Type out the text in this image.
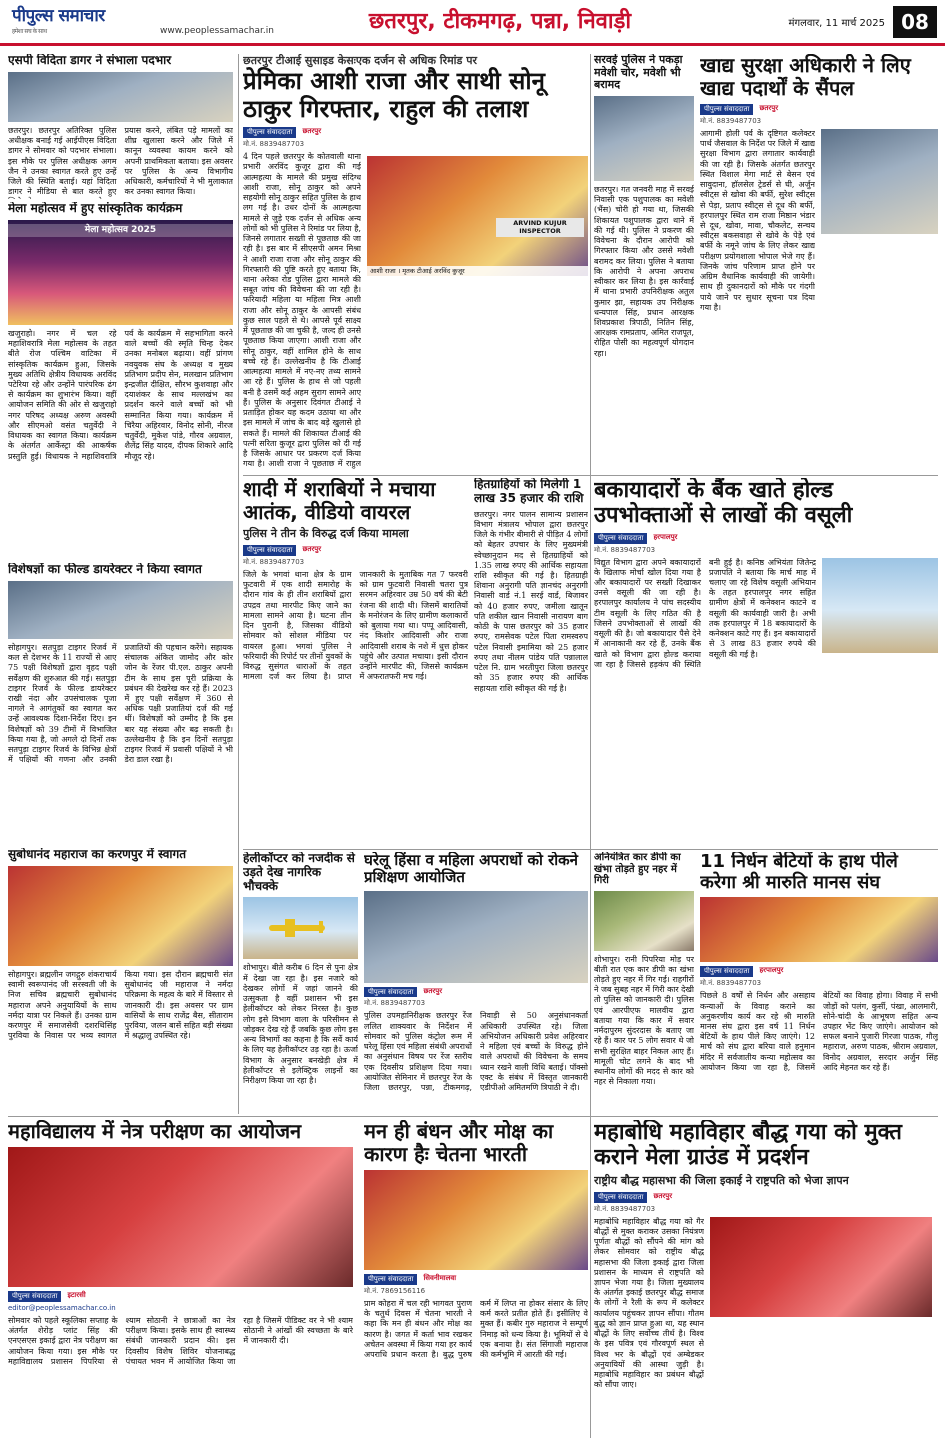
पीपुल्स समाचार
हमेशा सच के साथ	www.peoplessamachar.in	छतरपुर, टीकमगढ़, पन्ना, निवाड़ी	मंगलवार, 11 मार्च 2025 08
एसपी विदिता डागर ने संभाला पदभार
छतरपुर। छतरपुर अतिरिक्त पुलिस अधीक्षक बनाई गई आईपीएस विदिता डागर ने सोमवार को पदभार संभाला। इस मौके पर पुलिस अधीक्षक अगम जैन ने उनका स्वागत करते हुए उन्हें जिले की स्थिति बताई। यहां विदिता डागर ने मीडिया से बात करते हुए प्रयास करने, लंबित पड़े मामलों का शीघ्र खुलासा करने और जिले में कानून व्यवस्था कायम करने को अपनी प्राथमिकता बताया। इस अवसर पर पुलिस के अन्य विभागीय अधिकारी, कर्मचारियों ने भी मुलाकात कर उनका स्वागत किया।
मेला महोत्सव में हुए सांस्कृतिक कार्यक्रम
मेला महोत्सव 2025
खजुराहो। नगर में चल रहे महाशिवरात्रि मेला महोत्सव के तहत बीते रोज पश्चिम वाटिका में सांस्कृतिक कार्यक्रम हुआ, जिसके मुख्य अतिथि क्षेत्रीय विधायक अरविंद पटेरिया रहे और उन्होंने पारंपरिक ढंग से कार्यक्रम का शुभारंभ किया। वहीं आयोजन समिति की ओर से खजुराहो नगर परिषद अध्यक्ष अरुण अवस्थी और सीएमओ वसंत चतुर्वेदी ने विधायक का स्वागत किया। कार्यक्रम के अंतर्गत आर्केस्ट्रा की आकर्षक प्रस्तुति हुई। विधायक ने महाशिवरात्रि पर्व के कार्यक्रम में सहभागिता करने वाले बच्चों की स्मृति चिन्ह देकर उनका मनोबल बढ़ाया। वहीं प्रांगण नवयुवक संघ के अध्यक्ष व मुख्य प्रतिभाग प्रदीप सेन, मलखान प्रतिभाग इन्द्रजीत दीक्षित, सौरभ कुशवाहा और दयाशंकर के साथ मल्लखंभ का प्रदर्शन करने वाले बच्चों को भी सम्मानित किया गया। कार्यक्रम में चिरैया अहिरवार, विनोद सोनी, नीरज चतुर्वेदी, मुकेश पांडे, गौरव अग्रवाल, शैलेंद्र सिंह यादव, दीपक शिकारे आदि मौजूद रहे।
विशेषज्ञों का फील्ड डायरेक्टर ने किया स्वागत
सोहागपुर। सतपुड़ा टाइगर रिजर्व में कल से देशभर के 11 राज्यों से आए 75 पक्षी विशेषज्ञों द्वारा वृहद पक्षी सर्वेक्षण की शुरुआत की गई। सतपुड़ा टाइगर रिजर्व के फील्ड डायरेक्टर राखी नंदा और उपसंचालक पूजा नागले ने आगंतुकों का स्वागत कर उन्हें आवश्यक दिशा-निर्देश दिए। इन विशेषज्ञों को 39 टीमों में विभाजित किया गया है, जो अगले दो दिनों तक सतपुड़ा टाइगर रिजर्व के विभिन्न क्षेत्रों में पक्षियों की गणना और उनकी प्रजातियों की पहचान करेंगे। सहायक संचालक अंकित जामोद और कोर जोन के रेंजर पी.एल. ठाकुर अपनी टीम के साथ इस पूरी प्रक्रिया के प्रबंधन की देखरेख कर रहे हैं। 2023 में हुए पक्षी सर्वेक्षण में 360 से अधिक पक्षी प्रजातियां दर्ज की गई थीं। विशेषज्ञों को उम्मीद है कि इस बार यह संख्या और बढ़ सकती है। उल्लेखनीय है कि इन दिनों सतपुड़ा टाइगर रिजर्व में प्रवासी पक्षियों ने भी डेरा डाल रखा है।
सुबोधानंद महाराज का करणपुर में स्वागत
सोहागपुर। ब्रह्मलीन जगद्गुरु शंकराचार्य स्वामी स्वरूपानंद जी सरस्वती जी के निज सचिव ब्रह्मचारी सुबोधानंद महाराज अपने अनुयायियों के साथ नर्मदा यात्रा पर निकले हैं। उनका ग्राम करणपुर में समाजसेवी दशरथिसिंह पुरविया के निवास पर भव्य स्वागत किया गया। इस दौरान ब्रह्मचारी संत सुबोधानंद जी महाराज ने नर्मदा परिक्रमा के महत्व के बारे में विस्तार से जानकारी दी। इस अवसर पर ग्राम वासियों के साथ राजेंद्र बैस, सीताराम पुरविया, जलन बासें सहित बड़ी संख्या में श्रद्धालु उपस्थित रहे।
महाविद्यालय में नेत्र परीक्षण का आयोजन
पीपुल्स संवाददाता	इटारसी
editor@peoplessamachar.co.in
सोमवार को पहले स्कूलिका सप्ताह के अंतर्गत शेरोड़ प्लांट सिंह की एनएसएस इकाई द्वारा नेत्र परीक्षण का आयोजन किया गया। इस मौके पर महाविद्यालय प्रशासन पिपरिया से श्याम सोठानी ने छात्राओं का नेत्र परीक्षण किया। इसके साथ ही स्वास्थ्य संबंधी जानकारी प्रदान की। इस दिवसीय विशेष शिविर योजनाबद्ध पंचायत भवन में आयोजित किया जा रहा है जिसमें पीडिक्ट वर ने भी श्याम सोठानी ने आंखों की स्वच्छता के बारे में जानकारी दी।
छतरपुर टीआई सुसाइड केसःएक दर्जन से अधिक रिमांड पर
प्रेमिका आशी राजा और साथी सोनू ठाकुर गिरफ्तार, राहुल की तलाश
पीपुल्स संवाददाता	छतरपुर
मो.नं. 8839487703
4 दिन पहले छतरपुर के कोतवाली थाना प्रभारी अरविंद कुजूर द्वारा की गई आत्महत्या के मामले की प्रमुख संदिग्ध आशी राजा, सोनू ठाकुर को अपने सहयोगी सोनू ठाकुर सहित पुलिस के हाथ लग गई है। उधर दोनों के आत्महत्या मामले से जुड़े एक दर्जन से अधिक अन्य लोगों को भी पुलिस ने रिमांड पर लिया है, जिनसे लगातार सख्ती से पूछताछ की जा रही है। इस बार में सीएसपी अमन मिश्रा ने आशी राजा राजा और सोनू ठाकुर की गिरफ्तारी की पुष्टि करते हुए बताया कि, थाना अरेका रोड पुलिस द्वारा मामले की सबूत जांच की विवेचना की जा रही है। फरियादी महिला या महिला मित्र आशी राजा और सोनू ठाकुर के आपसी संबंध कुछ साल पहले से थे। आपसे पूर्व साक्ष्य में पूछताछ की जा चुकी है, जल्द ही उनसे पूछताछ किया जाएगा। आशी राजा और सोनू ठाकुर, वहीं शामिल होने के साथ बच्चे रहे हैं। उल्लेखनीय है कि टीआई आत्महत्या मामले में नए-नए तथ्य सामने आ रहे हैं। पुलिस के हाथ से जो पहली बनी है उसमें कई अहम सुराग सामने आए हैं। पुलिस के अनुसार दिवंगत टीआई ने प्रताड़ित होकर यह कदम उठाया था और इस मामले में जांच के बाद बड़े खुलासे हो सकते हैं। मामले की शिकायत टीआई की पत्नी सरिता कुजूर द्वारा पुलिस को दी गई है जिसके आधार पर प्रकरण दर्ज किया गया है। आशी राजा ने पूछताछ में राहुल
ARVIND KUJUR INSPECTOR
आशी राजा । मृतक टीआई अरविंद कुजूर
सरवई पुलिस ने पकड़ा मवेशी चोर, मवेशी भी बरामद
छतरपुर। गत जनवरी माह में सरवई निवासी एक पशुपालक का मवेशी (भैंस) चोरी हो गया था, जिसकी शिकायत पशुपालक द्वारा थाने में की गई थी। पुलिस ने प्रकरण की विवेचना के दौरान आरोपी को गिरफ्तार किया और उससे मवेशी बरामद कर लिया। पुलिस ने बताया कि आरोपी ने अपना अपराध स्वीकार कर लिया है। इस कार्रवाई में थाना प्रभारी उपनिरीक्षक अतुल कुमार झा, सहायक उप निरीक्षक धन्यपाल सिंह, प्रधान आरक्षक शिवप्रकाश त्रिपाठी, नितिन सिंह, आरक्षक रामप्रताप, अमित राजपूत, रोहित पोसी का महत्वपूर्ण योगदान रहा।
खाद्य सुरक्षा अधिकारी ने लिए खाद्य पदार्थों के सैंपल
पीपुल्स संवाददाता	छतरपुर
मो.नं. 8839487703
आगामी होली पर्व के दृष्टिगत कलेक्टर पार्थ जैसवाल के निर्देश पर जिले में खाद्य सुरक्षा विभाग द्वारा लगातार कार्यवाही की जा रही है। जिसके अंतर्गत छतरपुर स्थित विशाल मेगा मार्ट से बेसन एवं सावुदाना, हॉलसेल ट्रेडर्स से घी, अर्जुन स्वीट्स से खोवा की बर्फी, सुरेश स्वीट्स से पेड़ा, प्रताप स्वीट्स से दूध की बर्फी, हरपालपुर स्थित राम राजा मिष्ठान भंडार से दूध, खोवा, मावा, चौकलेट, सन्चय स्वीट्स बकसवाहा से खोवे के पेड़े एवं बर्फी के नमूने जांच के लिए लेकर खाद्य परीक्षण प्रयोगशाला भोपाल भेजे गए हैं। जिनके जांच परिणाम प्राप्त होने पर अग्रिम वैधानिक कार्यवाही की जायेगी। साथ ही दुकानदारों को मौके पर गंदगी पाये जाने पर सुधार सूचना पत्र दिया गया है।
शादी में शराबियों ने मचाया आतंक, वीडियो वायरल
पुलिस ने तीन के विरुद्ध दर्ज किया मामला
पीपुल्स संवाददाता	छतरपुर
मो.नं. 8839487703
जिले के भगवां थाना क्षेत्र के ग्राम फुटवारी में एक शादी समारोह के दौरान गांव के ही तीन शराबियों द्वारा उपद्रव तथा मारपीट किए जाने का मामला सामने आया है। घटना तीन दिन पुरानी है, जिसका वीडियो सोमवार को सोशल मीडिया पर वायरल हुआ। भगवां पुलिस ने फरियादी की रिपोर्ट पर तीनों युवकों के विरुद्ध सुसंगत धाराओं के तहत मामला दर्ज कर लिया है। प्राप्त जानकारी के मुताबिक गत 7 फरवरी को ग्राम फुटवारी निवासी चतरा पुत्र सरमन अहिरवार उम्र 50 वर्ष की बेटी रंजना की शादी थी। जिसमें बारातियों के मनोरंजन के लिए ग्रामीण कलाकारों को बुलाया गया था। पप्पू आदिवासी, नंद किशोर आदिवासी और राजा आदिवासी शराब के नशे में धुत्त होकर पहुंचे और उत्पात मचाया। इसी दौरान उन्होंने मारपीट की, जिससे कार्यक्रम में अफरातफरी मच गई।
हितग्राहियों को मिलेगी 1 लाख 35 हजार की राशि
छतरपुर। नगर पालन सामान्य प्रशासन विभाग मंत्रालय भोपाल द्वारा छतरपुर जिले के गंभीर बीमारी से पीड़ित 4 लोगों को बेहतर उपचार के लिए मुख्यमंत्री स्वेच्छानुदान मद से हितग्राहियों को 1.35 लाख रुपए की आर्थिक सहायता राशि स्वीकृत की गई है। हितग्राही शिवाना अनुरागी पति ज्ञानचंद अनुरागी निवासी वार्ड नं.1 सरई वार्ड, बिजावर को 40 हजार रुपए, जमीला खातून पति शकील खान निवासी नारायण बाग कोठी के पास छतरपुर को 35 हजार रुपए, रामसेवक पटेल पिता रामस्वरुप पटेल निवासी इमामिया को 25 हजार रुपए तथा नीलम पांडेय पति पन्नालाल पटेल नि. ग्राम भरतीपुरा जिला छतरपुर को 35 हजार रुपए की आर्थिक सहायता राशि स्वीकृत की गई है।
बकायादारों के बैंक खाते होल्ड उपभोक्ताओं से लाखों की वसूली
पीपुल्स संवाददाता	हरपालपुर
मो.नं. 8839487703
विद्युत विभाग द्वारा अपने बकायादारों के खिलाफ मोर्चा खोल दिया गया है और बकायादारों पर सख्ती दिखाकर उनसे वसूली की जा रही है। हरपालपुर कार्यालय ने पांच सदस्यीय टीम वसूली के लिए गठित की है जिसने उपभोक्ताओं से लाखों की वसूली की है। जो बकायादार पैसे देने में आनाकानी कर रहे हैं, उनके बैंक खाते को विभाग द्वारा होल्ड कराया जा रहा है जिससे हड़कंप की स्थिति बनी हुई है। कनिष्ठ अभियंता जितेन्द्र प्रजापति ने बताया कि मार्च माह में चलाए जा रहे विशेष वसूली अभियान के तहत हरपालपुर नगर सहित ग्रामीण क्षेत्रों में कनेक्शन काटने व वसूली की कार्यवाही जारी है। अभी तक हरपालपुर में 18 बकायादारों के कनेक्शन काटे गए हैं। इन बकायादारों से 3 लाख 83 हजार रुपये की वसूली की गई है।
हेलीकॉप्टर को नजदीक से उड़ते देख नागरिक भौचक्के
शोभापुर। बीते करीब 6 दिन से पुनः क्षेत्र में देखा जा रहा है। इस नजारे को देखकर लोगों में जहां जानने की उत्सुकता है वहीं प्रशासन भी इस हेलीकॉप्टर को लेकर निरस्त है। कुछ लोग इसे विभाग वाला के परिसीमन से जोड़कर देख रहे हैं जबकि कुछ लोग इस अन्य विभागों का कहना है कि सर्वे कार्य के लिए यह हेलीकॉप्टर उड़ रहा है। ऊर्जा विभाग के अनुसार बनखेड़ी क्षेत्र में हेलीकॉप्टर से इलेक्ट्रिक लाइनों का निरीक्षण किया जा रहा है।
घरेलू हिंसा व महिला अपराधों को रोकने प्रशिक्षण आयोजित
पीपुल्स संवाददाता	छतरपुर
मो.नं. 8839487703
पुलिस उपमहानिरीक्षक छतरपुर रेंज ललित शाक्यवार के निर्देशन में सोमवार को पुलिस कंट्रोल रूम में घरेलू हिंसा एवं महिला संबंधी अपराधों का अनुसंधान विषय पर रेंज स्तरीय एक दिवसीय प्रशिक्षण दिया गया। आयोजित सेमिनार में छतरपुर रेंज के जिला छतरपुर, पन्ना, टीकमगढ़, निवाड़ी से 50 अनुसंधानकर्ता अधिकारी उपस्थित रहे। जिला अभियोजन अधिकारी प्रवेश अहिरवार ने महिला एवं बच्चों के विरुद्ध होने वाले अपराधों की विवेचना के समय ध्यान रखने वाली विधि बताई। पॉक्सो एक्ट के संबंध में विस्तृत जानकारी एडीपीओ अमितमणि त्रिपाठी ने दी।
अनियंत्रित कार डीपी का खंभा तोड़ते हुए नहर में गिरी
शोभापुर। रानी पिपरिया मोड़ पर बीती रात एक कार डीपी का खंभा तोड़ते हुए नहर में गिर गई। राहगीरों ने जब सुबह नहर में गिरी कार देखी तो पुलिस को जानकारी दी। पुलिस एवं आरपीएफ मालवीय द्वारा बताया गया कि कार में सवार नर्मदापुरम सुंदरदास के बताए जा रहे हैं। कार पर 5 लोग सवार थे जो सभी सुरक्षित बाहर निकल आए हैं। मामूली चोट लगने के बाद भी स्थानीय लोगों की मदद से कार को नहर से निकाला गया।
11 निर्धन बेटियों के हाथ पीले करेगा श्री मारुति मानस संघ
पीपुल्स संवाददाता	हरपालपुर
मो.नं. 8839487703
पिछले 8 वर्षों से निर्धन और असहाय कन्याओं के विवाह कराने का अनुकरणीय कार्य कर रहे श्री मारुति मानस संघ द्वारा इस वर्ष 11 निर्धन बेटियों के हाथ पीले किए जाएंगे। 12 मार्च को संघ द्वारा बरिया वाले हनुमान मंदिर में सर्वजातीय कन्या महोत्सव का आयोजन किया जा रहा है, जिसमें बेटियों का विवाह होगा। विवाह में सभी जोड़ों को पलंग, कुर्सी, पंखा, आलमारी, सोने-चांदी के आभूषण सहित अन्य उपहार भेंट किए जाएंगे। आयोजन को सफल बनाने पुजारी गिरजा पाठक, गौलू महाराज, अरुण पाठक, श्रीराम अग्रवाल, विनोद अग्रवाल, सरदार अर्जुन सिंह आदि मेहनत कर रहे हैं।
मन ही बंधन और मोक्ष का कारण हैः चेतना भारती
पीपुल्स संवाददाता	सिवनीमालवा
मो.नं. 7869156116
प्राम कोहरा में चल रही भागवत पुराण के चतुर्थ दिवस में चेतना भारती ने कहा कि मन ही बंधन और मोक्ष का कारण है। जगत में कर्ता भाव रखकर अचेतन अवस्था में किया गया हर कार्य अपराधि प्रधान करता है। बुद्ध पुरुष कर्म में लिप्त ना होकर संसार के लिए कर्म करते प्रतीत होते हैं। इसीलिए वे मुक्त हैं। कबीर गुरु महाराज ने सम्पूर्ण निमाड़ को धन्य किया है। भूमियों से ये एक बनाया है। संत सिंगाजी महाराज की कर्मभूमि में आरती की गई।
महाबोधि महाविहार बौद्ध गया को मुक्त कराने मेला ग्राउंड में प्रदर्शन
राष्ट्रीय बौद्ध महासभा की जिला इकाई ने राष्ट्रपति को भेजा ज्ञापन
पीपुल्स संवाददाता	छतरपुर
मो.नं. 8839487703
महाबोधि महाविहार बौद्ध गया को गैर बौद्धों से मुक्त कराकर उसका नियंत्रण पूर्णतः बौद्धों को सौंपने की मांग को लेकर सोमवार को राष्ट्रीय बौद्ध महासभा की जिला इकाई द्वारा जिला प्रशासन के माध्यम से राष्ट्रपति को ज्ञापन भेजा गया है। जिला मुख्यालय के अंतर्गत इकाई छतरपुर बौद्ध समाज के लोगों ने रैली के रूप में कलेक्टर कार्यालय पहुंचकर ज्ञापन सौंपा। गौतम बुद्ध को ज्ञान प्राप्त हुआ था, यह स्थान बौद्धों के लिए सर्वोच्च तीर्थ है। विश्व के इस पवित्र एवं गौरवपूर्ण स्थल से विश्व भर के बौद्धों एवं अम्बेडकर अनुयायियों की आस्था जुड़ी है। महाबोधि महाविहार का प्रबंधन बौद्धों को सौंपा जाए।
